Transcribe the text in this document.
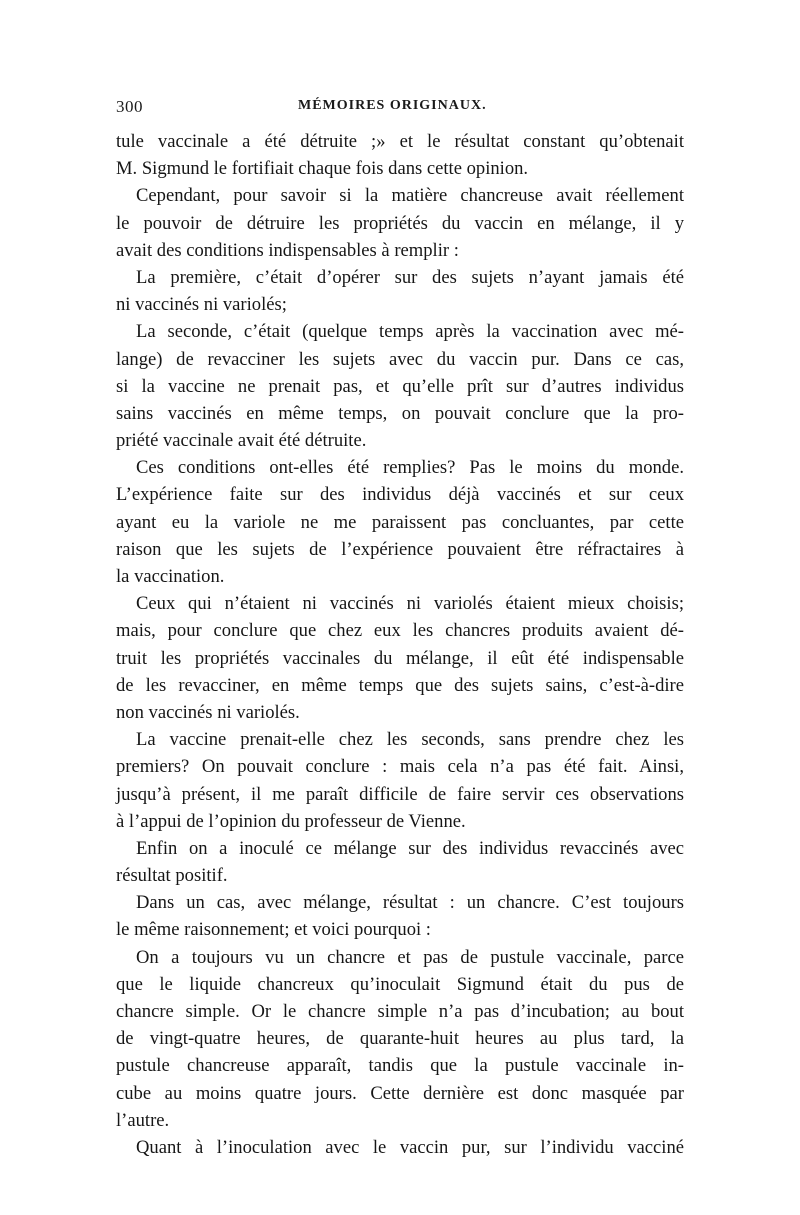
300	MÉMOIRES ORIGINAUX.
tule vaccinale a été détruite ;» et le résultat constant qu’obtenait
M. Sigmund le fortifiait chaque fois dans cette opinion.
Cependant, pour savoir si la matière chancreuse avait réellement
le pouvoir de détruire les propriétés du vaccin en mélange, il y
avait des conditions indispensables à remplir :
La première, c’était d’opérer sur des sujets n’ayant jamais été
ni vaccinés ni variolés;
La seconde, c’était (quelque temps après la vaccination avec mé-
lange) de revacciner les sujets avec du vaccin pur. Dans ce cas,
si la vaccine ne prenait pas, et qu’elle prît sur d’autres individus
sains vaccinés en même temps, on pouvait conclure que la pro-
priété vaccinale avait été détruite.
Ces conditions ont-elles été remplies? Pas le moins du monde.
L’expérience faite sur des individus déjà vaccinés et sur ceux
ayant eu la variole ne me paraissent pas concluantes, par cette
raison que les sujets de l’expérience pouvaient être réfractaires à
la vaccination.
Ceux qui n’étaient ni vaccinés ni variolés étaient mieux choisis;
mais, pour conclure que chez eux les chancres produits avaient dé-
truit les propriétés vaccinales du mélange, il eût été indispensable
de les revacciner, en même temps que des sujets sains, c’est-à-dire
non vaccinés ni variolés.
La vaccine prenait-elle chez les seconds, sans prendre chez les
premiers? On pouvait conclure : mais cela n’a pas été fait. Ainsi,
jusqu’à présent, il me paraît difficile de faire servir ces observations
à l’appui de l’opinion du professeur de Vienne.
Enfin on a inoculé ce mélange sur des individus revaccinés avec
résultat positif.
Dans un cas, avec mélange, résultat : un chancre. C’est toujours
le même raisonnement; et voici pourquoi :
On a toujours vu un chancre et pas de pustule vaccinale, parce
que le liquide chancreux qu’inoculait Sigmund était du pus de
chancre simple. Or le chancre simple n’a pas d’incubation; au bout
de vingt-quatre heures, de quarante-huit heures au plus tard, la
pustule chancreuse apparaît, tandis que la pustule vaccinale in-
cube au moins quatre jours. Cette dernière est donc masquée par
l’autre.
Quant à l’inoculation avec le vaccin pur, sur l’individu vacciné
